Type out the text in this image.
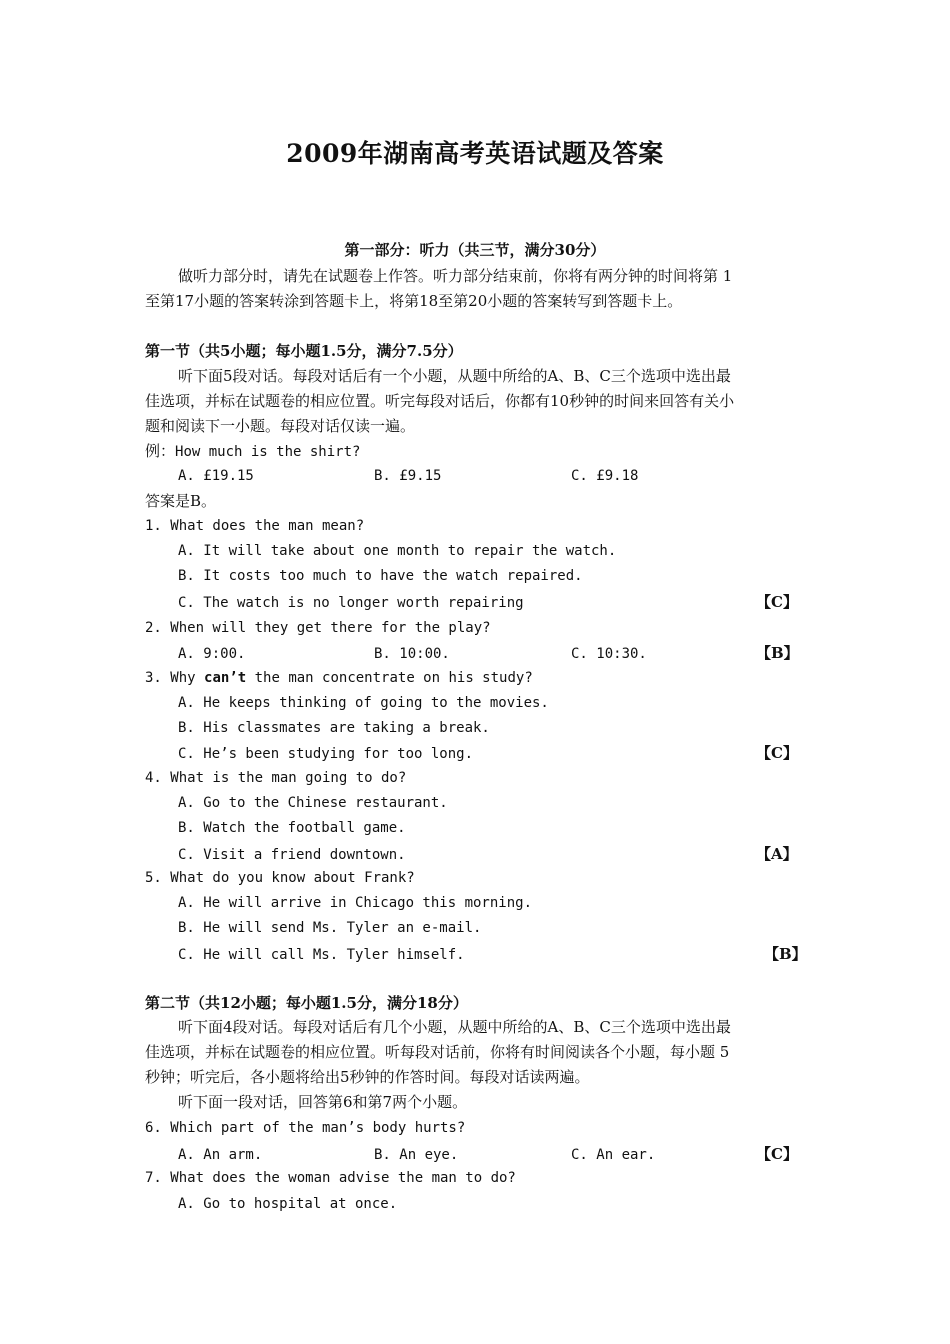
2009年湖南高考英语试题及答案
第一部分：听力（共三节，满分30分）
做听力部分时，请先在试题卷上作答。听力部分结束前，你将有两分钟的时间将第 1
至第17小题的答案转涂到答题卡上，将第18至第20小题的答案转写到答题卡上。
第一节（共5小题；每小题1.5分，满分7.5分）
听下面5段对话。每段对话后有一个小题，从题中所给的A、B、C三个选项中选出最
佳选项，并标在试题卷的相应位置。听完每段对话后，你都有10秒钟的时间来回答有关小
题和阅读下一小题。每段对话仅读一遍。
例：How much is the shirt?
A. £19.15	B. £9.15	C. £9.18
答案是B。
1. What does the man mean?
A. It will take about one month to repair the watch.
B. It costs too much to have the watch repaired.
C. The watch is no longer worth repairing	【C】
2. When will they get there for the play?
A. 9:00.	B. 10:00.	C. 10:30.	【B】
3. Why can’t the man concentrate on his study?
A. He keeps thinking of going to the movies.
B. His classmates are taking a break.
C. He’s been studying for too long.	【C】
4. What is the man going to do?
A. Go to the Chinese restaurant.
B. Watch the football game.
C. Visit a friend downtown.	【A】
5. What do you know about Frank?
A. He will arrive in Chicago this morning.
B. He will send Ms. Tyler an e-mail.
C. He will call Ms. Tyler himself.	【B】
第二节（共12小题；每小题1.5分，满分18分）
听下面4段对话。每段对话后有几个小题，从题中所给的A、B、C三个选项中选出最
佳选项，并标在试题卷的相应位置。听每段对话前，你将有时间阅读各个小题，每小题 5
秒钟；听完后，各小题将给出5秒钟的作答时间。每段对话读两遍。
听下面一段对话，回答第6和第7两个小题。
6. Which part of the man’s body hurts?
A. An arm.	B. An eye.	C. An ear.	【C】
7. What does the woman advise the man to do?
A. Go to hospital at once.
